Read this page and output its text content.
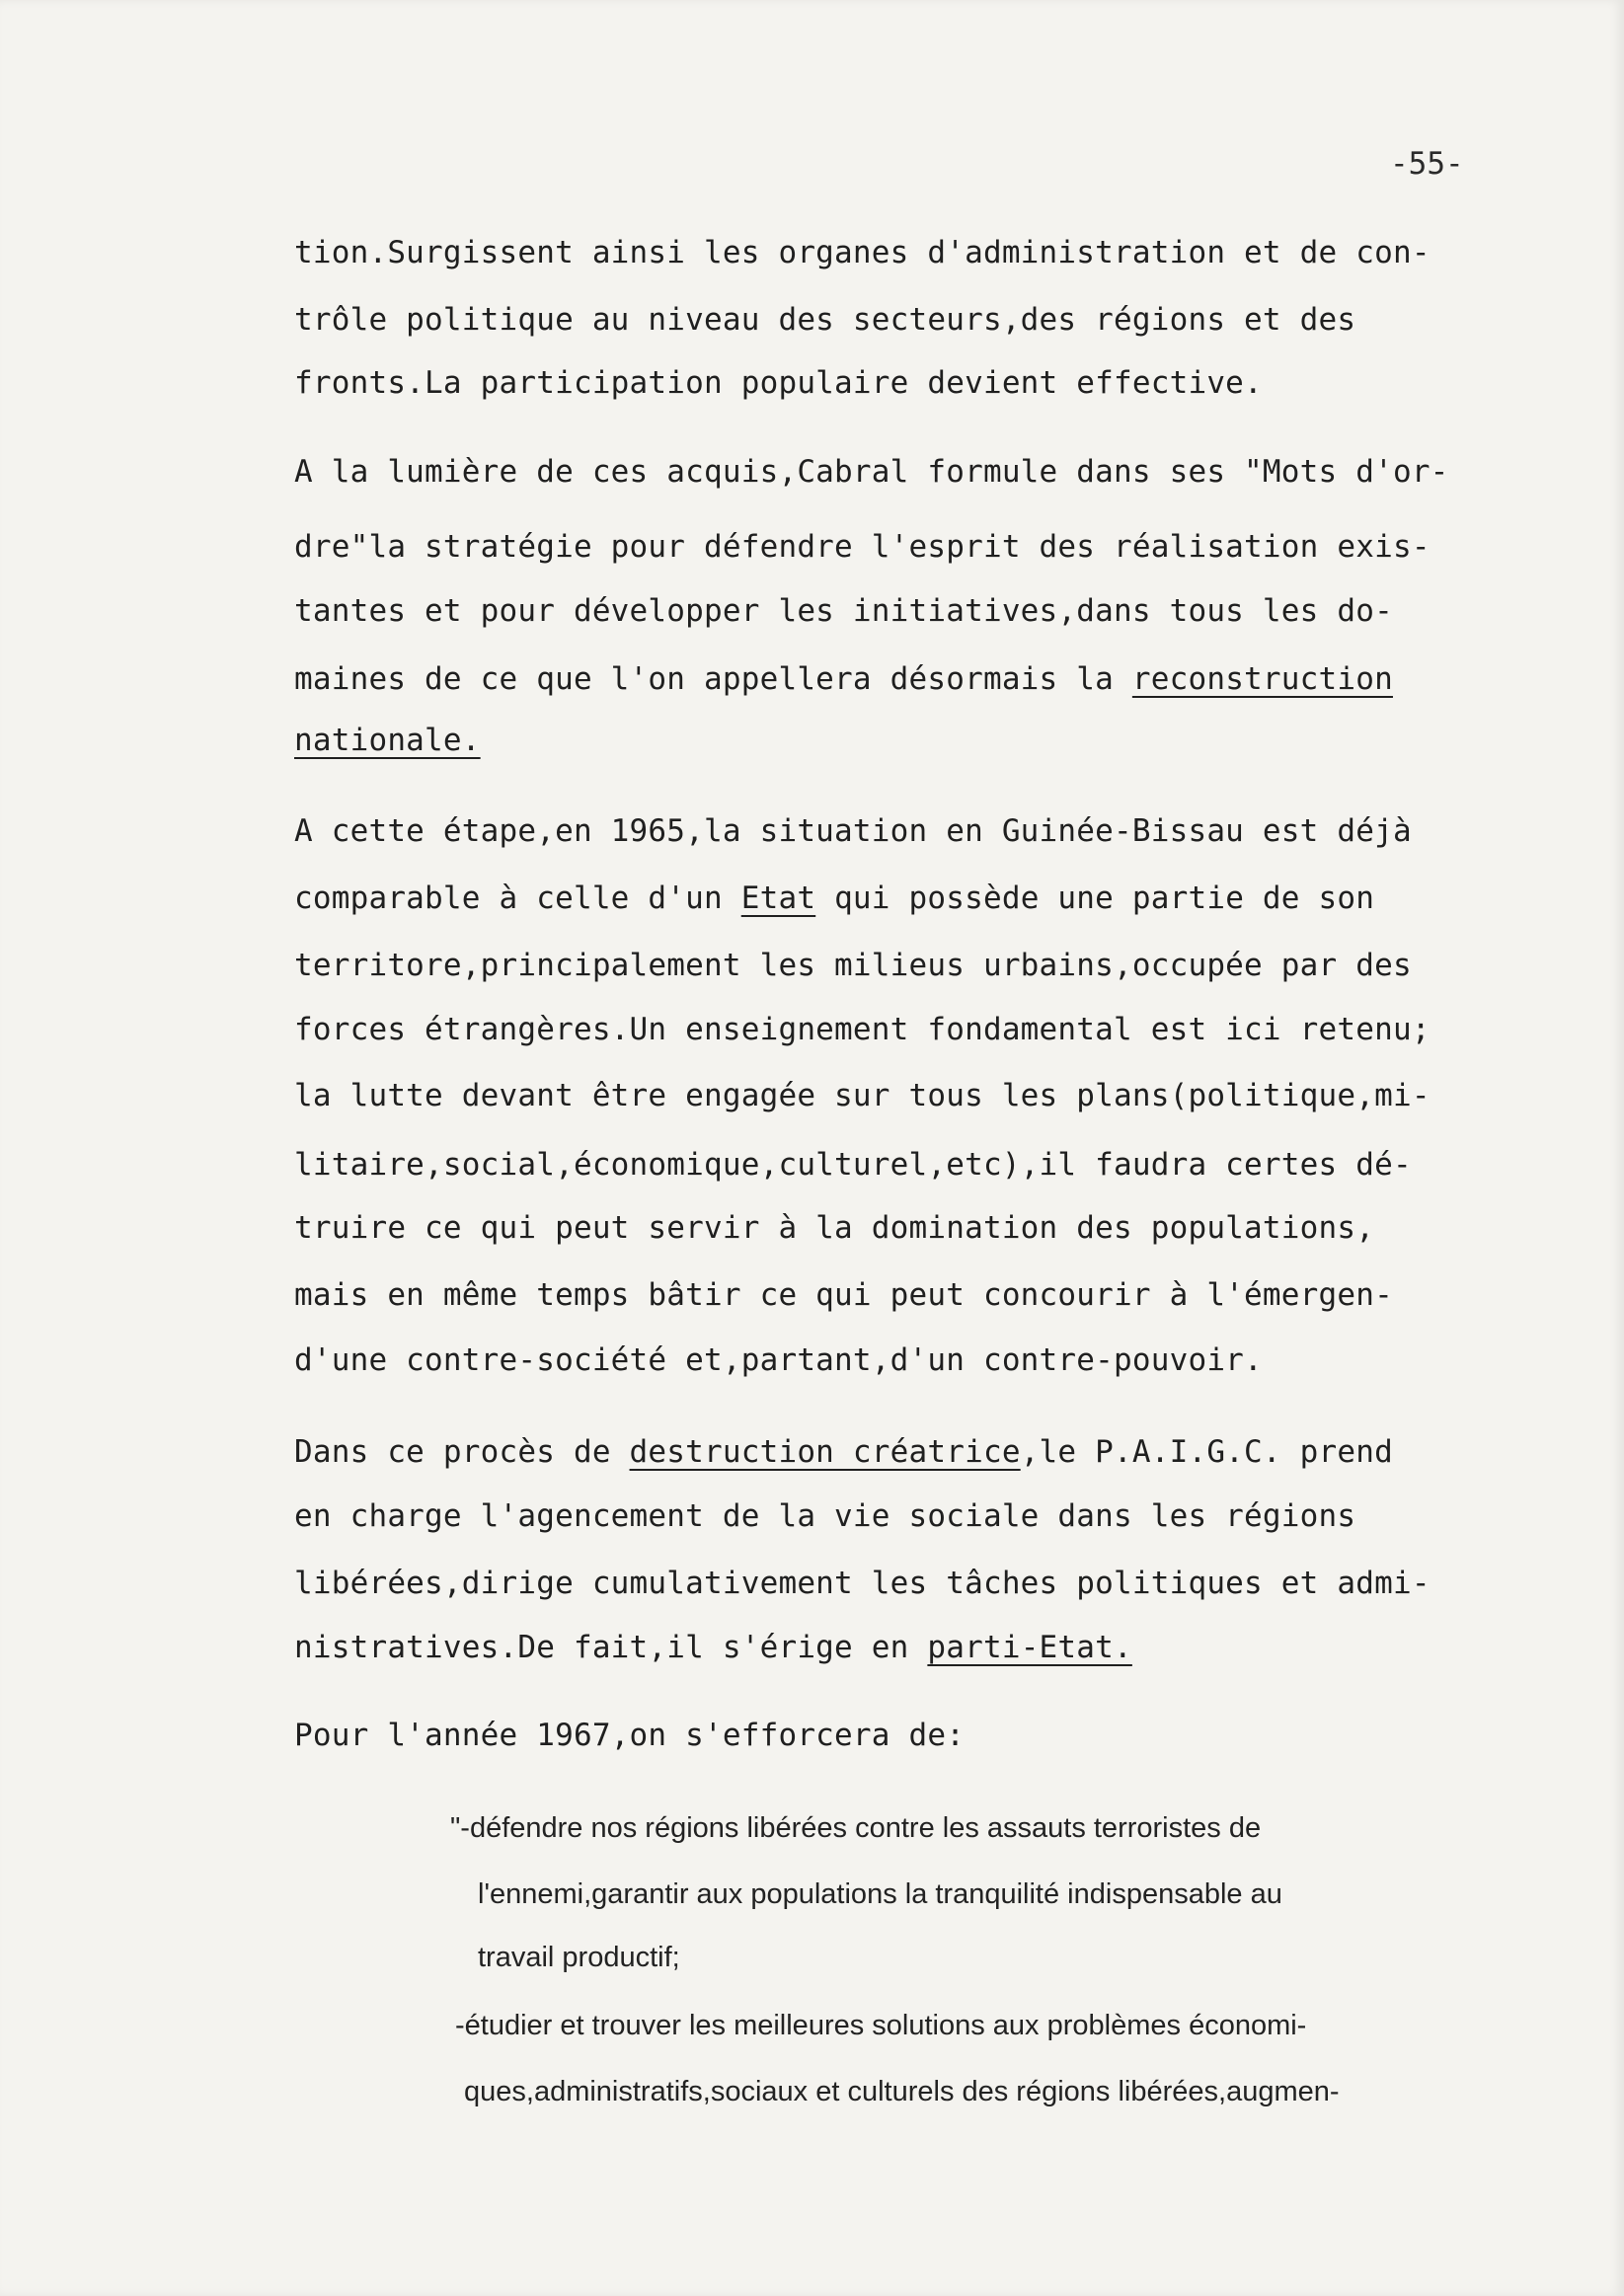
-55-

tion.Surgissent ainsi les organes d'administration et de con-

trôle politique au niveau des secteurs,des régions et des

fronts.La participation populaire devient effective.

A la lumière de ces acquis,Cabral formule dans ses "Mots d'or-

dre"la stratégie pour défendre l'esprit des réalisation exis-

tantes et pour développer les initiatives,dans tous les do-

maines de ce que l'on appellera désormais la reconstruction

nationale.

A cette étape,en 1965,la situation en Guinée-Bissau est déjà

comparable à celle d'un Etat qui possède une partie de son

territore,principalement les milieus urbains,occupée par des

forces étrangères.Un enseignement fondamental est ici retenu;

la lutte devant être engagée sur tous les plans(politique,mi-

litaire,social,économique,culturel,etc),il faudra certes dé-

truire ce qui peut servir à la domination des populations,

mais en même temps bâtir ce qui peut concourir à l'émergen-

d'une contre-société et,partant,d'un contre-pouvoir.

Dans ce procès de destruction créatrice,le P.A.I.G.C. prend

en charge l'agencement de la vie sociale dans les régions

libérées,dirige cumulativement les tâches politiques et admi-

nistratives.De fait,il s'érige en parti-Etat.

Pour l'année 1967,on s'efforcera de:

"-défendre nos régions libérées contre les assauts terroristes de

l'ennemi,garantir aux populations la tranquilité indispensable au

travail productif;

-étudier et trouver les meilleures solutions aux problèmes économi-

ques,administratifs,sociaux et culturels des régions libérées,augmen-
